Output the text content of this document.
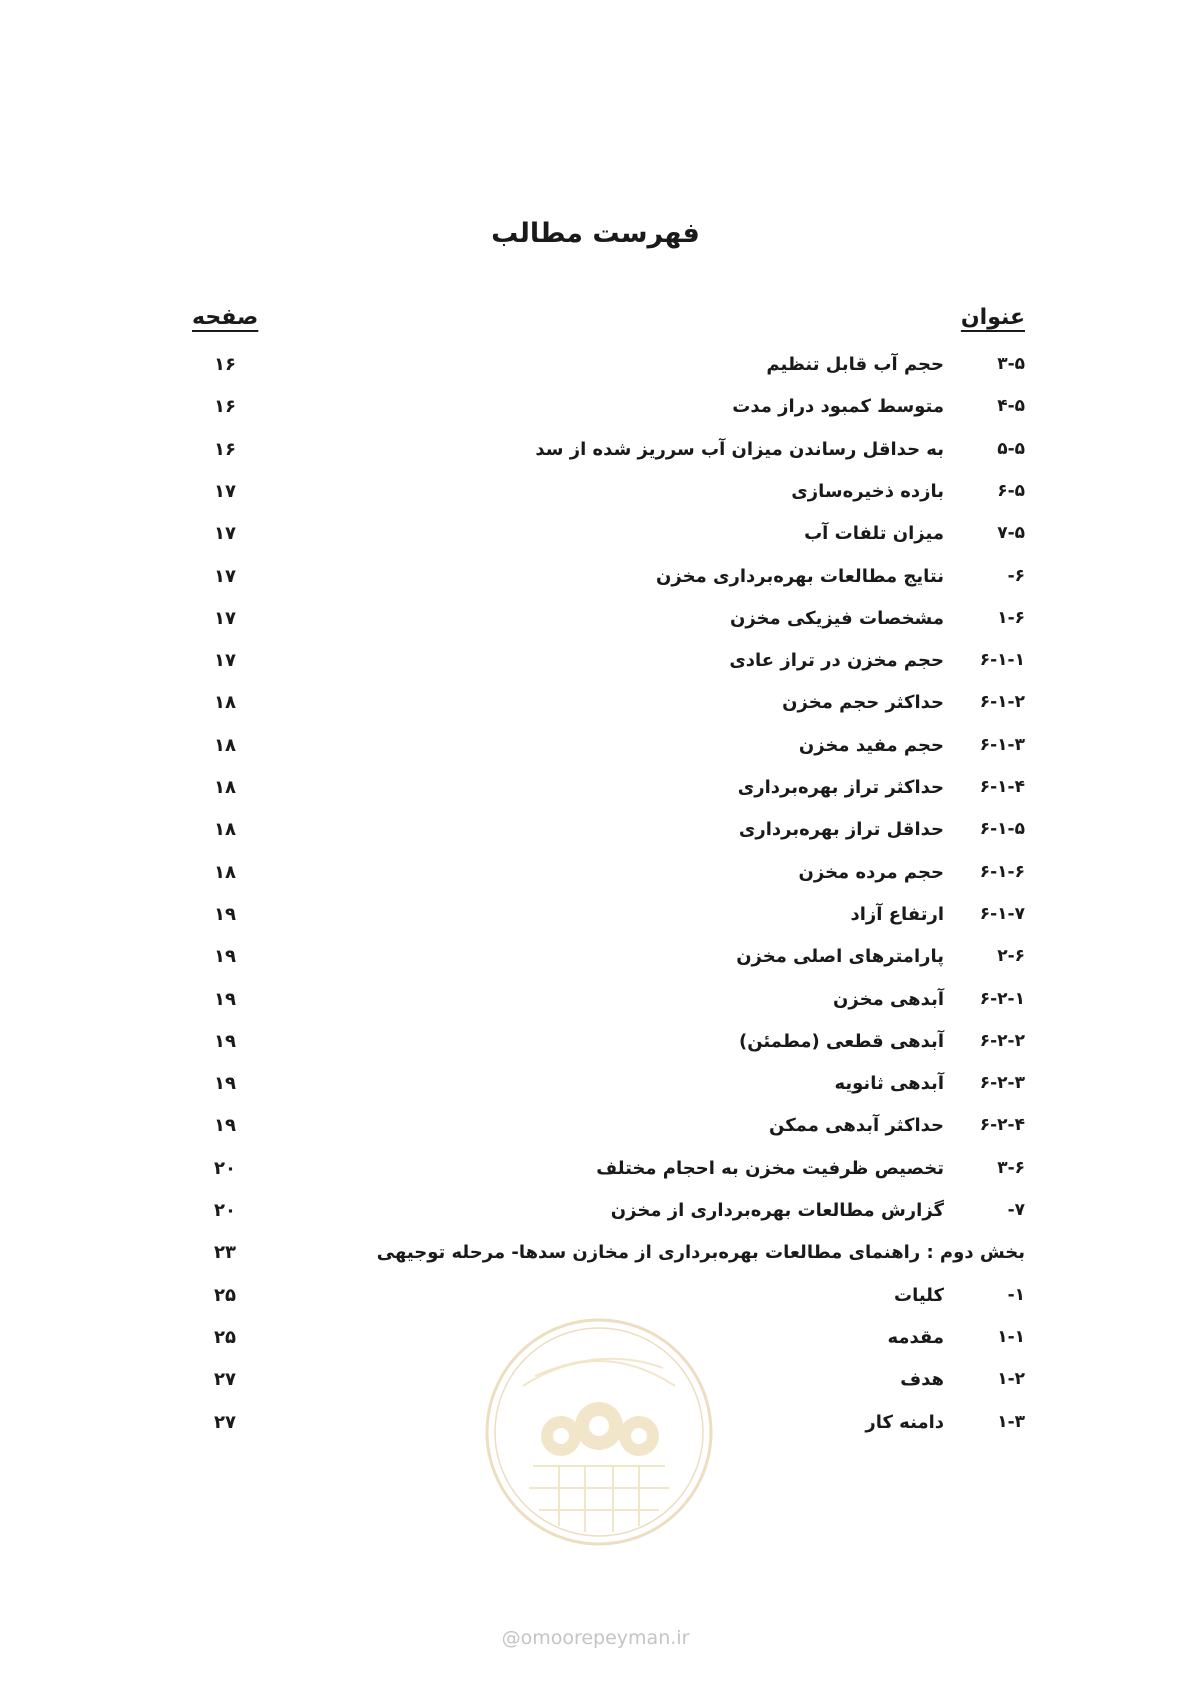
فهرست مطالب
عنوان
صفحه
۳-۵
حجم آب قابل تنظیم
۱۶
۴-۵
متوسط کمبود دراز مدت
۱۶
۵-۵
به حداقل رساندن میزان آب سرریز شده از سد
۱۶
۶-۵
بازده ذخیره‌سازی
۱۷
۷-۵
میزان تلفات آب
۱۷
-۶
نتایج مطالعات بهره‌برداری مخزن
۱۷
۱-۶
مشخصات فیزیکی مخزن
۱۷
۶-۱-۱
حجم مخزن در تراز عادی
۱۷
۶-۱-۲
حداکثر حجم مخزن
۱۸
۶-۱-۳
حجم مفید مخزن
۱۸
۶-۱-۴
حداکثر تراز بهره‌برداری
۱۸
۶-۱-۵
حداقل تراز بهره‌برداری
۱۸
۶-۱-۶
حجم مرده مخزن
۱۸
۶-۱-۷
ارتفاع آزاد
۱۹
۲-۶
پارامترهای اصلی مخزن
۱۹
۶-۲-۱
آبدهی مخزن
۱۹
۶-۲-۲
آبدهی قطعی (مطمئن)
۱۹
۶-۲-۳
آبدهی ثانویه
۱۹
۶-۲-۴
حداکثر آبدهی ممکن
۱۹
۳-۶
تخصیص ظرفیت مخزن به احجام مختلف
۲۰
-۷
گزارش مطالعات بهره‌برداری از مخزن
۲۰
بخش دوم : راهنمای مطالعات بهره‌برداری از مخازن سدها- مرحله توجیهی
۲۳
-۱
کلیات
۲۵
۱-۱
مقدمه
۲۵
۱-۲
هدف
۲۷
۱-۳
دامنه کار
۲۷
@omoorepeyman.ir
